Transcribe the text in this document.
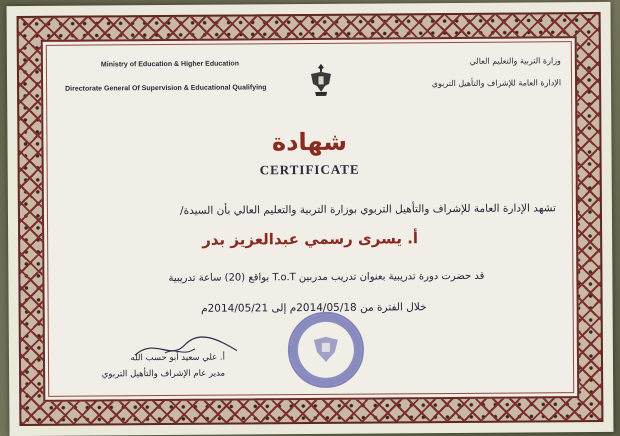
Ministry of Education & Higher Education
Directorate General Of Supervision & Educational Qualifying
وزارة التربية والتعليم العالي
الإدارة العامة للإشراف والتأهيل التربوي
شهادة
CERTIFICATE
تشهد الإدارة العامة للإشراف والتأهيل التربوي بوزارة التربية والتعليم العالي بأن السيدة/
أ. يسرى رسمي عبدالعزيز بدر
قد حضرت دورة تدريبية بعنوان تدريب مدربين T.o.T بواقع (20) ساعة تدريبية
خلال الفترة من 2014/05/18م إلى 2014/05/21م
أ. علي سعيد أبو حسب الله
مدير عام الإشراف والتأهيل التربوي
